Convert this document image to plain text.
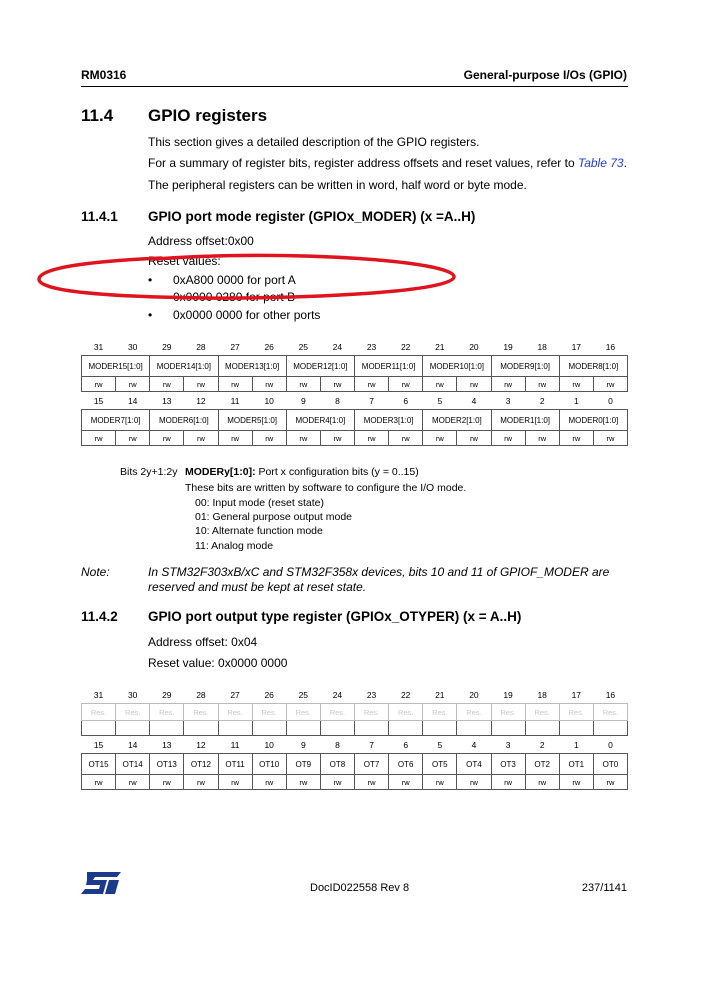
RM0316	General-purpose I/Os (GPIO)
11.4 GPIO registers
This section gives a detailed description of the GPIO registers.
For a summary of register bits, register address offsets and reset values, refer to Table 73.
The peripheral registers can be written in word, half word or byte mode.
11.4.1 GPIO port mode register (GPIOx_MODER) (x =A..H)
Address offset:0x00
Reset values:
• 0xA800 0000 for port A
• 0x0000 0280 for port B
• 0x0000 0000 for other ports
31	30	29	28	27	26	25	24	23	22	21	20	19	18	17	16
MODER15[1:0]		MODER14[1:0]		MODER13[1:0]		MODER12[1:0]		MODER11[1:0]		MODER10[1:0]		MODER9[1:0]		MODER8[1:0]	
rw	rw	rw	rw	rw	rw	rw	rw	rw	rw	rw	rw	rw	rw	rw	rw
15	14	13	12	11	10	9	8	7	6	5	4	3	2	1	0
MODER7[1:0]		MODER6[1:0]		MODER5[1:0]		MODER4[1:0]		MODER3[1:0]		MODER2[1:0]		MODER1[1:0]		MODER0[1:0]	
rw	rw	rw	rw	rw	rw	rw	rw	rw	rw	rw	rw	rw	rw	rw	rw
Bits 2y+1:2y MODERy[1:0]: Port x configuration bits (y = 0..15)
These bits are written by software to configure the I/O mode.
00: Input mode (reset state)
01: General purpose output mode
10: Alternate function mode
11: Analog mode
Note:	In STM32F303xB/xC and STM32F358x devices, bits 10 and 11 of GPIOF_MODER are reserved and must be kept at reset state.
11.4.2 GPIO port output type register (GPIOx_OTYPER) (x = A..H)
Address offset: 0x04
Reset value: 0x0000 0000
31	30	29	28	27	26	25	24	23	22	21	20	19	18	17	16
Res.	Res.	Res.	Res.	Res.	Res.	Res.	Res.	Res.	Res.	Res.	Res.	Res.	Res.	Res.	Res.

15	14	13	12	11	10	9	8	7	6	5	4	3	2	1	0
OT15	OT14	OT13	OT12	OT11	OT10	OT9	OT8	OT7	OT6	OT5	OT4	OT3	OT2	OT1	OT0
rw	rw	rw	rw	rw	rw	rw	rw	rw	rw	rw	rw	rw	rw	rw	rw
DocID022558 Rev 8	237/1141
